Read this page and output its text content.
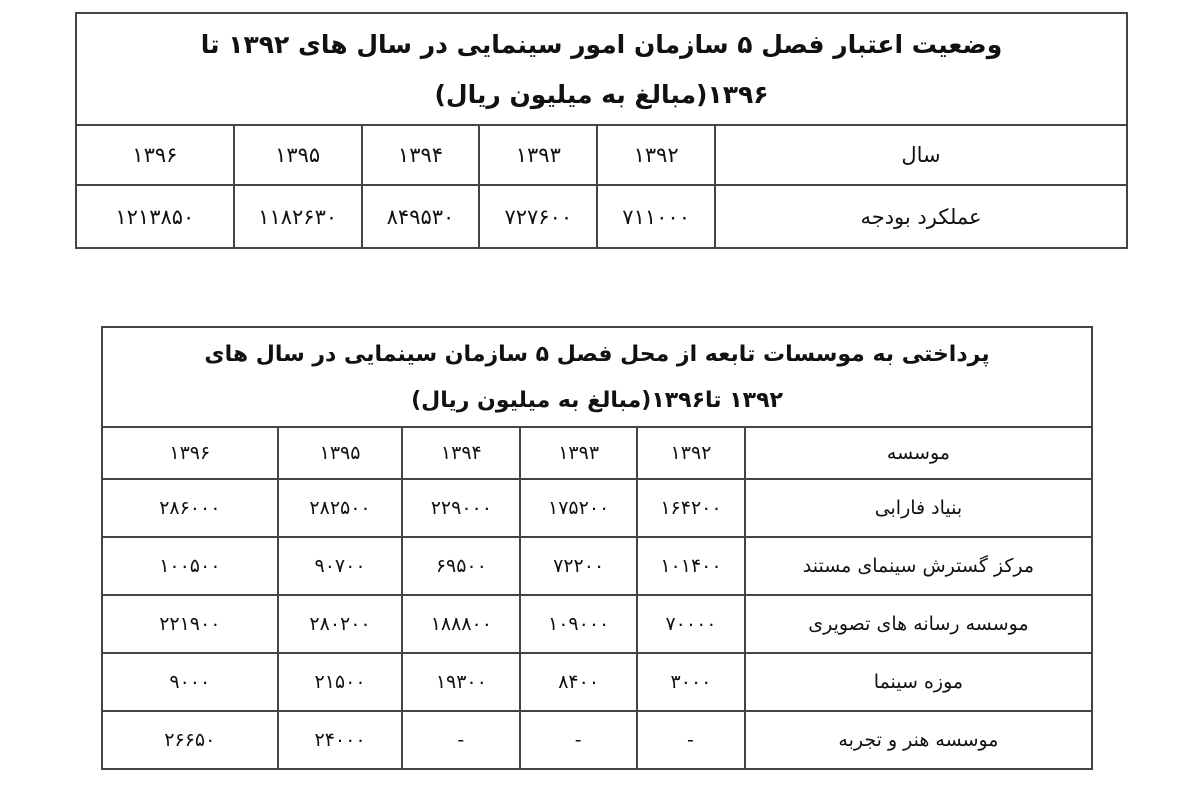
وضعیت اعتبار فصل ۵ سازمان امور سینمایی در سال های ۱۳۹۲ تا
۱۳۹۶(مبالغ به میلیون ریال)					

۱۳۹۶	۱۳۹۵	۱۳۹۴	۱۳۹۳	۱۳۹۲	سال
۱۲۱۳۸۵۰	۱۱۸۲۶۳۰	۸۴۹۵۳۰	۷۲۷۶۰۰	۷۱۱۰۰۰	عملکرد بودجه
پرداختی به موسسات تابعه از محل فصل ۵ سازمان سینمایی در سال های
۱۳۹۲ تا۱۳۹۶(مبالغ به میلیون ریال)					

۱۳۹۶	۱۳۹۵	۱۳۹۴	۱۳۹۳	۱۳۹۲	موسسه
۲۸۶۰۰۰	۲۸۲۵۰۰	۲۲۹۰۰۰	۱۷۵۲۰۰	۱۶۴۲۰۰	بنیاد فارابی
۱۰۰۵۰۰	۹۰۷۰۰	۶۹۵۰۰	۷۲۲۰۰	۱۰۱۴۰۰	مرکز گسترش سینمای مستند
۲۲۱۹۰۰	۲۸۰۲۰۰	۱۸۸۸۰۰	۱۰۹۰۰۰	۷۰۰۰۰	موسسه رسانه های تصویری
۹۰۰۰	۲۱۵۰۰	۱۹۳۰۰	۸۴۰۰	۳۰۰۰	موزه سینما
۲۶۶۵۰	۲۴۰۰۰	-	-	-	موسسه هنر و تجربه
